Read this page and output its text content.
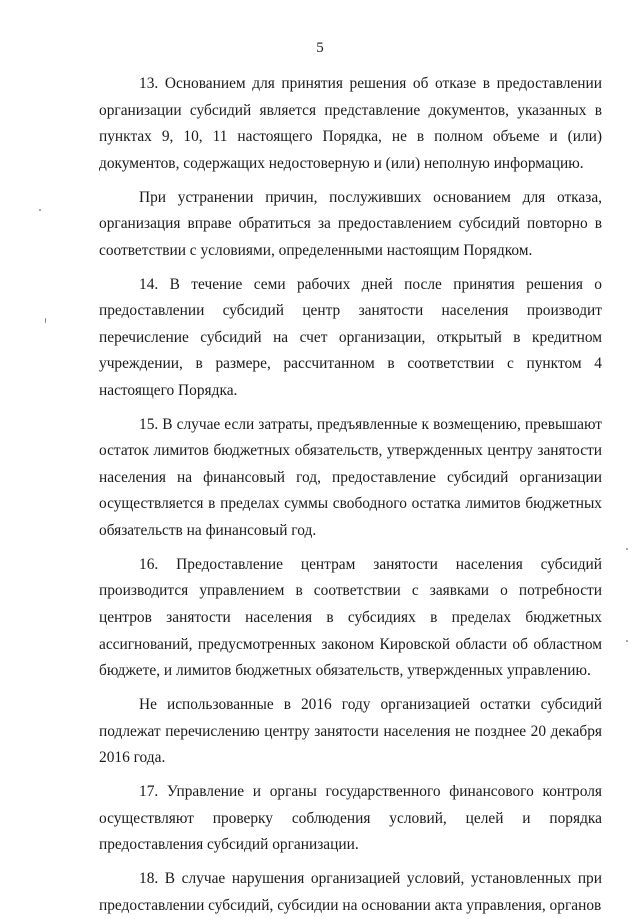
5

13. Основанием для принятия решения об отказе в предоставлении организации субсидий является представление документов, указанных в пунктах 9, 10, 11 настоящего Порядка, не в полном объеме и (или) документов, содержащих недостоверную и (или) неполную информацию.

При устранении причин, послуживших основанием для отказа, организация вправе обратиться за предоставлением субсидий повторно в соответствии с условиями, определенными настоящим Порядком.

14. В течение семи рабочих дней после принятия решения о предоставлении субсидий центр занятости населения производит перечисление субсидий на счет организации, открытый в кредитном учреждении, в размере, рассчитанном в соответствии с пунктом 4 настоящего Порядка.

15. В случае если затраты, предъявленные к возмещению, превышают остаток лимитов бюджетных обязательств, утвержденных центру занятости населения на финансовый год, предоставление субсидий организации осуществляется в пределах суммы свободного остатка лимитов бюджетных обязательств на финансовый год.

16. Предоставление центрам занятости населения субсидий производится управлением в соответствии с заявками о потребности центров занятости населения в субсидиях в пределах бюджетных ассигнований, предусмотренных законом Кировской области об областном бюджете, и лимитов бюджетных обязательств, утвержденных управлению.

Не использованные в 2016 году организацией остатки субсидий подлежат перечислению центру занятости населения не позднее 20 декабря 2016 года.

17. Управление и органы государственного финансового контроля осуществляют проверку соблюдения условий, целей и порядка предоставления субсидий организации.

18. В случае нарушения организацией условий, установленных при предоставлении субсидий, субсидии на основании акта управления, органов
